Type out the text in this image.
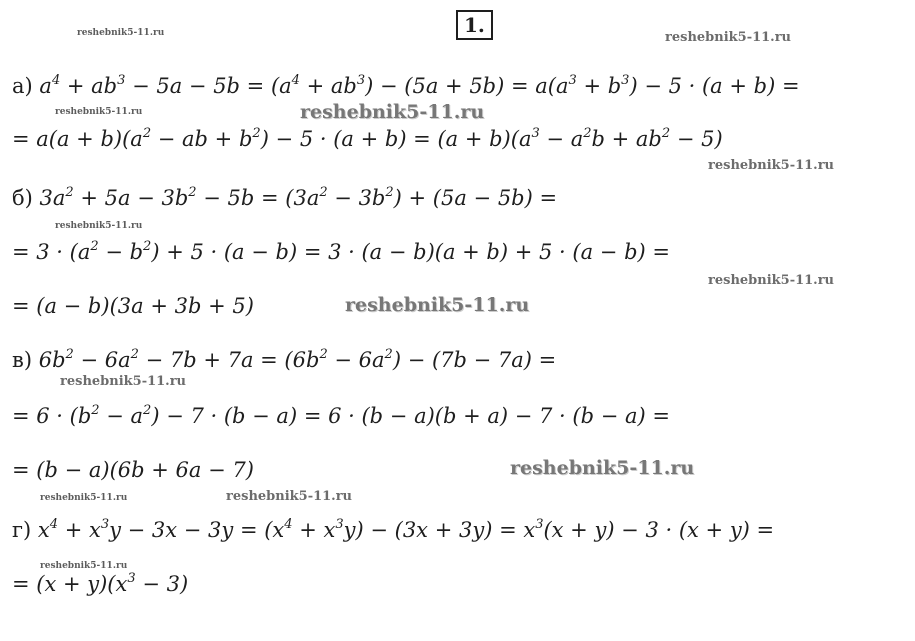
1.
reshebnik5-11.ru	reshebnik5-11.ru
reshebnik5-11.ru	reshebnik5-11.ru
reshebnik5-11.ru
reshebnik5-11.ru
reshebnik5-11.ru
reshebnik5-11.ru
reshebnik5-11.ru
reshebnik5-11.ru
reshebnik5-11.ru	reshebnik5-11.ru
reshebnik5-11.ru
а) $a^4 + ab^3 - 5a - 5b = (a^4 + ab^3) - (5a + 5b) = a(a^3 + b^3) - 5 \cdot (a + b)$ =
= $a(a + b)(a^2$ − ab + $b^2) - 5 \cdot (a + b) = (a + b)(a^3 - a^2b + ab^2 - 5)$
б) $3a^2 + 5a - 3b^2 - 5b = (3a^2 - 3b^2) + (5a - 5b)$ =
= $3 \cdot (a^2 - b^2) + 5 \cdot (a - b) = 3 \cdot (a - b)(a + b) + 5 \cdot (a - b)$ =
= (a − b)(3a + 3b + 5)
в) $6b^2 - 6a^2 - 7b + 7a = (6b^2 - 6a^2) - (7b - 7a)$ =
= $6 \cdot (b^2 - a^2) - 7 \cdot (b - a) = 6 \cdot (b - a)(b + a) - 7 \cdot (b - a)$ =
= (b − a)(6b + 6a − 7)
г) $x^4 + x^3y - 3x - 3y = (x^4 + x^3y) - (3x + 3y) = x^3(x + y) - 3 \cdot (x + y)$ =
= $(x + y)(x^3 - 3)$
